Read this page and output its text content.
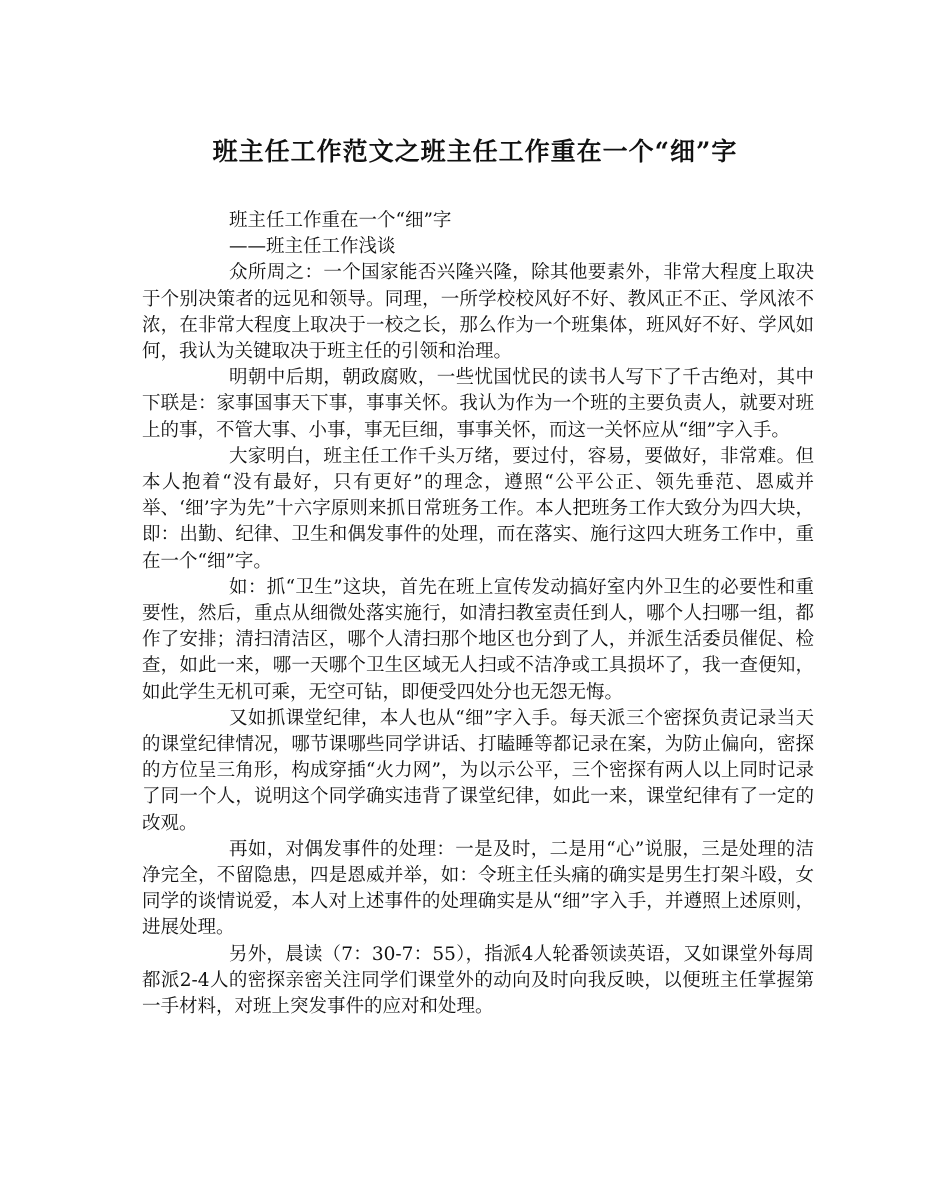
班主任工作范文之班主任工作重在一个“细”字

班主任工作重在一个“细”字

——班主任工作浅谈

众所周之：一个国家能否兴隆兴隆，除其他要素外，非常大程度上取决于个别决策者的远见和领导。同理，一所学校校风好不好、教风正不正、学风浓不浓，在非常大程度上取决于一校之长，那么作为一个班集体，班风好不好、学风如何，我认为关键取决于班主任的引领和治理。

明朝中后期，朝政腐败，一些忧国忧民的读书人写下了千古绝对，其中下联是：家事国事天下事，事事关怀。我认为作为一个班的主要负责人，就要对班上的事，不管大事、小事，事无巨细，事事关怀，而这一关怀应从“细”字入手。

大家明白，班主任工作千头万绪，要过付，容易，要做好，非常难。但本人抱着“没有最好，只有更好”的理念，遵照“公平公正、领先垂范、恩威并举、‘细’字为先”十六字原则来抓日常班务工作。本人把班务工作大致分为四大块，即：出勤、纪律、卫生和偶发事件的处理，而在落实、施行这四大班务工作中，重在一个“细”字。

如：抓“卫生”这块，首先在班上宣传发动搞好室内外卫生的必要性和重要性，然后，重点从细微处落实施行，如清扫教室责任到人，哪个人扫哪一组，都作了安排；清扫清洁区，哪个人清扫那个地区也分到了人，并派生活委员催促、检查，如此一来，哪一天哪个卫生区域无人扫或不洁净或工具损坏了，我一查便知，如此学生无机可乘，无空可钻，即便受四处分也无怨无悔。

又如抓课堂纪律，本人也从“细”字入手。每天派三个密探负责记录当天的课堂纪律情况，哪节课哪些同学讲话、打瞌睡等都记录在案，为防止偏向，密探的方位呈三角形，构成穿插“火力网”，为以示公平，三个密探有两人以上同时记录了同一个人，说明这个同学确实违背了课堂纪律，如此一来，课堂纪律有了一定的改观。

再如，对偶发事件的处理：一是及时，二是用“心”说服，三是处理的洁净完全，不留隐患，四是恩威并举，如：令班主任头痛的确实是男生打架斗殴，女同学的谈情说爱，本人对上述事件的处理确实是从“细”字入手，并遵照上述原则，进展处理。

另外，晨读（7：30-7：55），指派4人轮番领读英语，又如课堂外每周都派2-4人的密探亲密关注同学们课堂外的动向及时向我反映，以便班主任掌握第一手材料，对班上突发事件的应对和处理。
